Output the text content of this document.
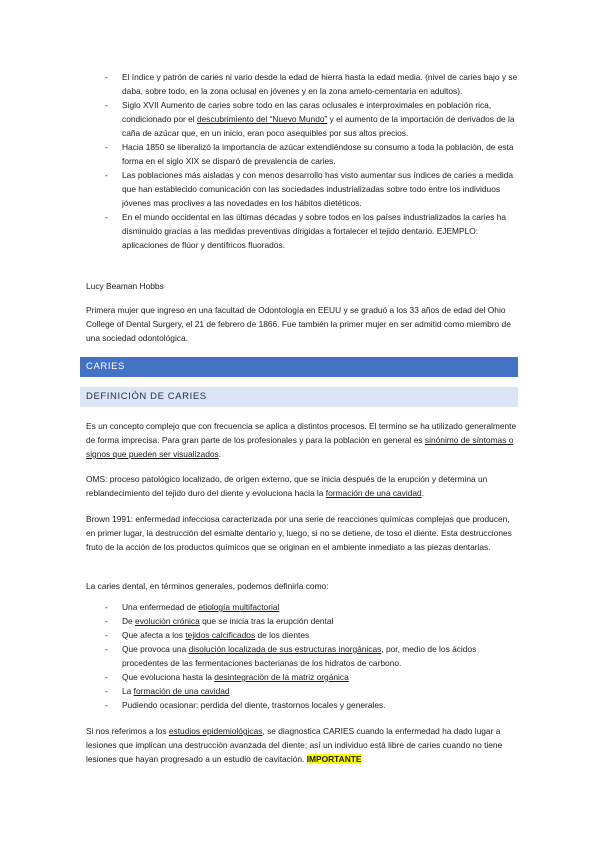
- El índice y patrón de caries ni vario desde la edad de hierra hasta la edad media. (nivel de caries bajo y se daba, sobre todo, en la zona oclusal en jóvenes y en la zona amelo-cementaria en adultos).
- Siglo XVII Aumento de caries sobre todo en las caras oclusales e interproximales en población rica, condicionado por el descubrimiento del “Nuevo Mundo” y el aumento de la importación de derivados de la caña de azúcar que, en un inicio, eran poco asequibles por sus altos precios.
- Hacia 1850 se liberalizó la importancia de azúcar extendiéndose su consumo a toda la población, de esta forma en el siglo XIX se disparó de prevalencia de caries.
- Las poblaciones más aisladas y con menos desarrollo has visto aumentar sus índices de caries a medida que han establecido comunicación con las sociedades industrializadas sobre todo entre los individuos jóvenes mas proclives a las novedades en los hábitos dietéticos.
- En el mundo occidental en las últimas décadas y sobre todos en los países industrializados la caries ha disminuido gracias a las medidas preventivas dirigidas a fortalecer el tejido dentario. EJEMPLO: aplicaciones de flúor y dentífricos fluorados.

Lucy Beaman Hobbs

Primera mujer que ingreso en una facultad de Odontología en EEUU y se graduó a los 33 años de edad del Ohio College of Dental Surgery, el 21 de febrero de 1866. Fue también la primer mujer en ser admitid como miembro de una sociedad odontológica.

CARIES
DEFINICIÓN DE CARIES

Es un concepto complejo que con frecuencia se aplica a distintos procesos. El termino se ha utilizado generalmente de forma imprecisa. Para gran parte de los profesionales y para la población en general es sinónimo de síntomas o signos que pueden ser visualizados.

OMS: proceso patológico localizado, de origen externo, que se inicia después de la erupción y determina un reblandecimiento del tejido duro del diente y evoluciona hacia la formación de una cavidad.

Brown 1991: enfermedad infecciosa caracterizada por una serie de reacciones químicas complejas que producen, en primer lugar, la destrucción del esmalte dentario y, luego, si no se detiene, de toso el diente. Esta destrucciones fruto de la acción de los productos químicos que se originan en el ambiente inmediato a las piezas dentarias.

La caries dental, en términos generales, podemos definirla como:

- Una enfermedad de etiología multifactorial
- De evolución crónica que se inicia tras la erupción dental
- Que afecta a los tejidos calcificados de los dientes
- Que provoca una disolución localizada de sus estructuras inorgánicas, por, medio de los ácidos procedentes de las fermentaciones bacterianas de los hidratos de carbono.
- Que evoluciona hasta la desintegración de la matriz orgánica
- La formación de una cavidad
- Pudiendo ocasionar: perdida del diente, trastornos locales y generales.

Si nos referimos a los estudios epidemiológicas, se diagnostica CARIES cuando la enfermedad ha dado lugar a lesiones que implican una destrucción avanzada del diente; así un individuo está libre de caries cuando no tiene lesiones que hayan progresado a un estudio de cavitación. IMPORTANTE
